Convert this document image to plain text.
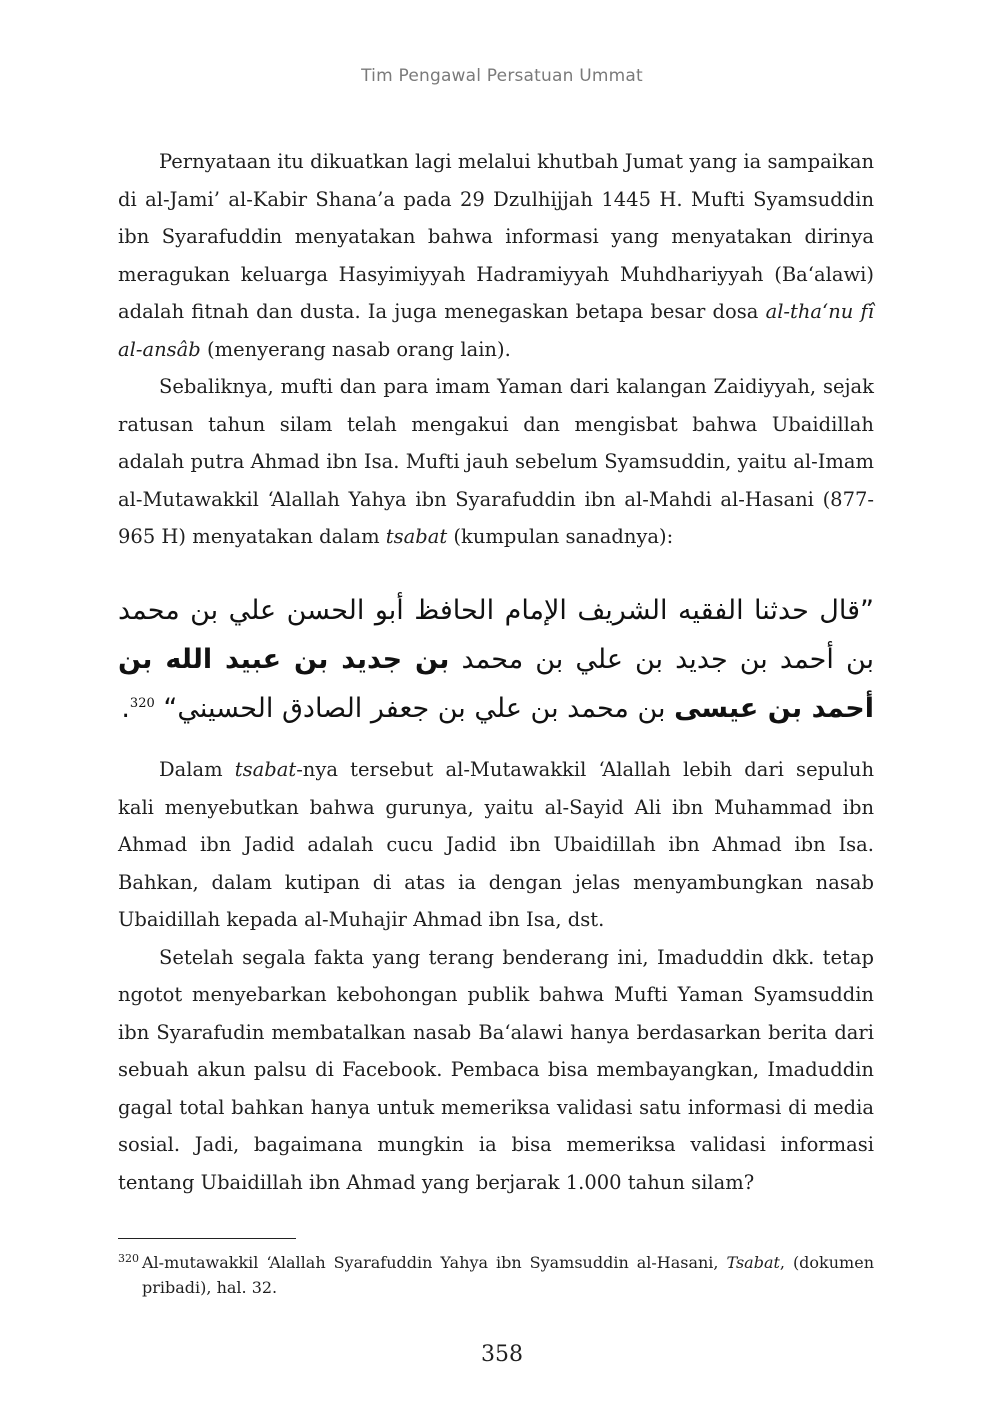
Tim Pengawal Persatuan Ummat

Pernyataan itu dikuatkan lagi melalui khutbah Jumat yang ia sampaikan di al-Jami’ al-Kabir Shana’a pada 29 Dzulhijjah 1445 H. Mufti Syamsuddin ibn Syarafuddin menyatakan bahwa informasi yang menyatakan dirinya meragukan keluarga Hasyimiyyah Hadramiyyah Muhdhariyyah (Ba‘alawi) adalah fitnah dan dusta. Ia juga menegaskan betapa besar dosa al-tha‘nu fî al-ansâb (menyerang nasab orang lain).

Sebaliknya, mufti dan para imam Yaman dari kalangan Zaidiyyah, sejak ratusan tahun silam telah mengakui dan mengisbat bahwa Ubaidillah adalah putra Ahmad ibn Isa. Mufti jauh sebelum Syamsuddin, yaitu al-Imam al-Mutawakkil ‘Alallah Yahya ibn Syarafuddin ibn al-Mahdi al-Hasani (877-965 H) menyatakan dalam tsabat (kumpulan sanadnya):

”قال حدثنا الفقيه الشريف الإمام الحافظ أبو الحسن علي بن محمد بن أحمد بن جديد بن علي بن محمد بن جديد بن عبيد الله بن أحمد بن عيسى بن محمد بن علي بن جعفر الصادق الحسيني“ $^{320}$.

Dalam tsabat-nya tersebut al-Mutawakkil ‘Alallah lebih dari sepuluh kali menyebutkan bahwa gurunya, yaitu al-Sayid Ali ibn Muhammad ibn Ahmad ibn Jadid adalah cucu Jadid ibn Ubaidillah ibn Ahmad ibn Isa. Bahkan, dalam kutipan di atas ia dengan jelas menyambungkan nasab Ubaidillah kepada al-Muhajir Ahmad ibn Isa, dst.

Setelah segala fakta yang terang benderang ini, Imaduddin dkk. tetap ngotot menyebarkan kebohongan publik bahwa Mufti Yaman Syamsuddin ibn Syarafudin membatalkan nasab Ba‘alawi hanya berdasarkan berita dari sebuah akun palsu di Facebook. Pembaca bisa membayangkan, Imaduddin gagal total bahkan hanya untuk memeriksa validasi satu informasi di media sosial. Jadi, bagaimana mungkin ia bisa memeriksa validasi informasi tentang Ubaidillah ibn Ahmad yang berjarak 1.000 tahun silam?

320 Al-mutawakkil ‘Alallah Syarafuddin Yahya ibn Syamsuddin al-Hasani, Tsabat, (dokumen pribadi), hal. 32.
358
